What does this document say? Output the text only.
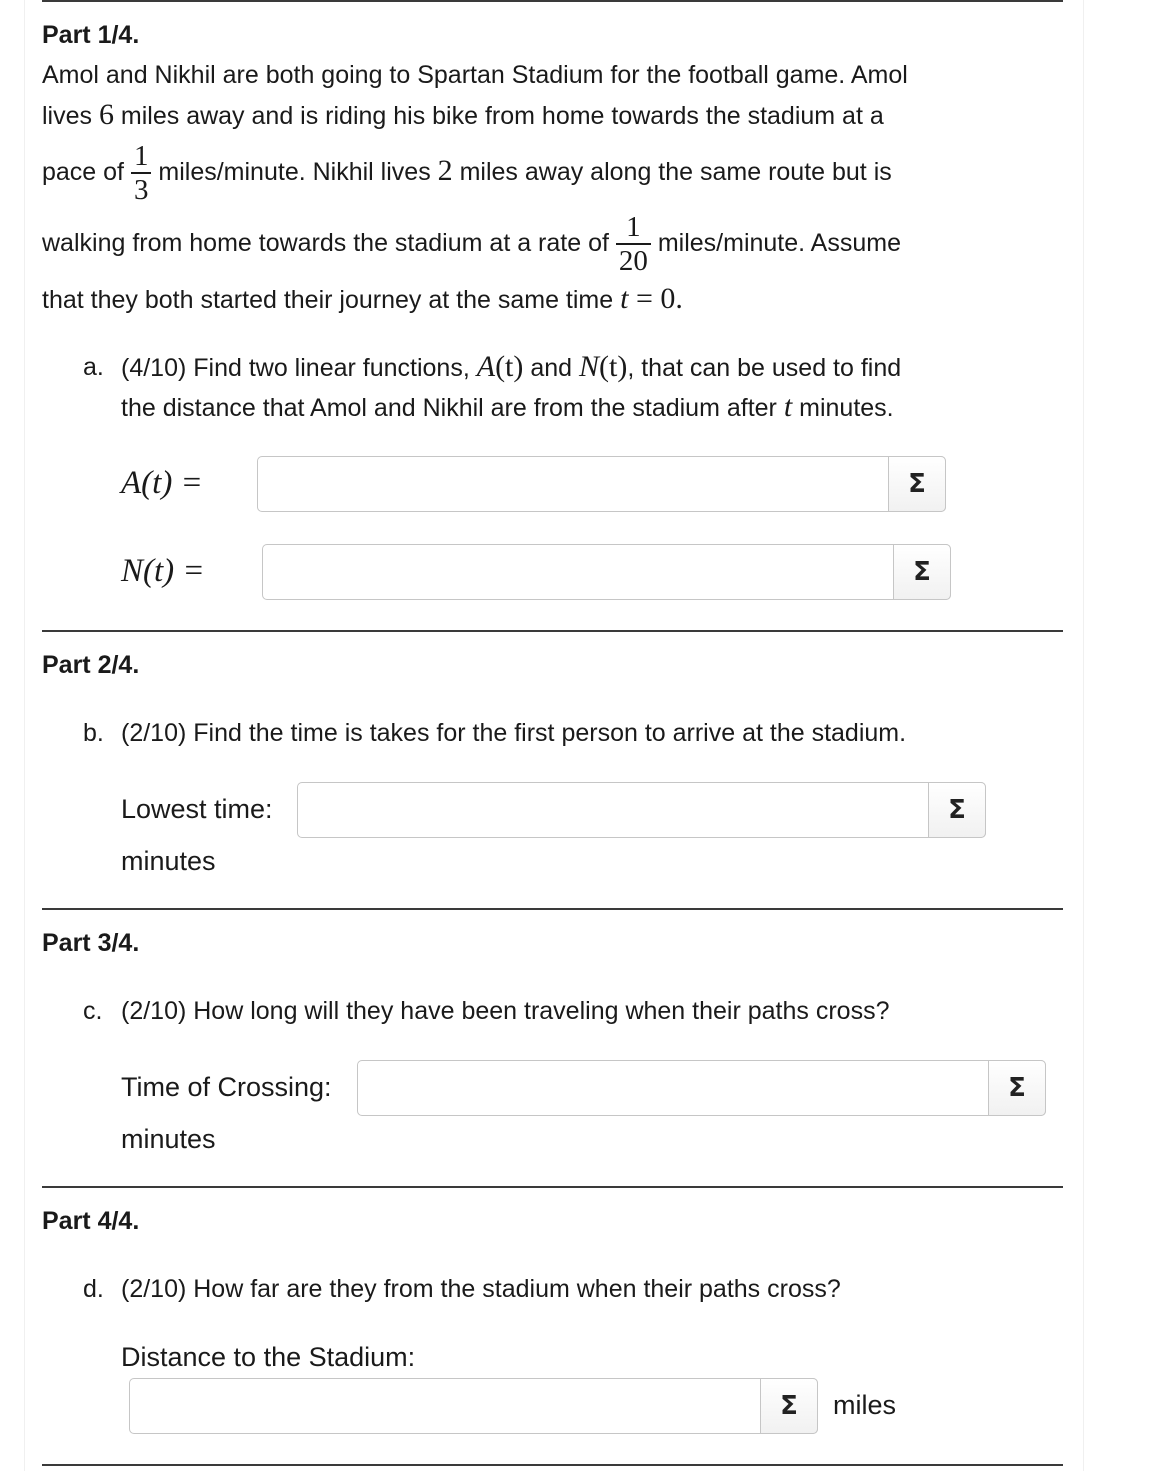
Part 1/4.
Amol and Nikhil are both going to Spartan Stadium for the football game. Amol
lives 6 miles away and is riding his bike from home towards the stadium at a
pace of $\frac{1}{3}$ miles/minute. Nikhil lives 2 miles away along the same route but is
walking from home towards the stadium at a rate of $\frac{1}{20}$ miles/minute. Assume
that they both started their journey at the same time t = 0.
a. (4/10) Find two linear functions, A(t) and N(t), that can be used to find
the distance that Amol and Nikhil are from the stadium after t minutes.
A(t) =	Σ
N(t) =	Σ
Part 2/4.
b. (2/10) Find the time is takes for the first person to arrive at the stadium.
Lowest time:	Σ
minutes
Part 3/4.
c. (2/10) How long will they have been traveling when their paths cross?
Time of Crossing:	Σ
minutes
Part 4/4.
d. (2/10) How far are they from the stadium when their paths cross?
Distance to the Stadium:
Σ	miles
